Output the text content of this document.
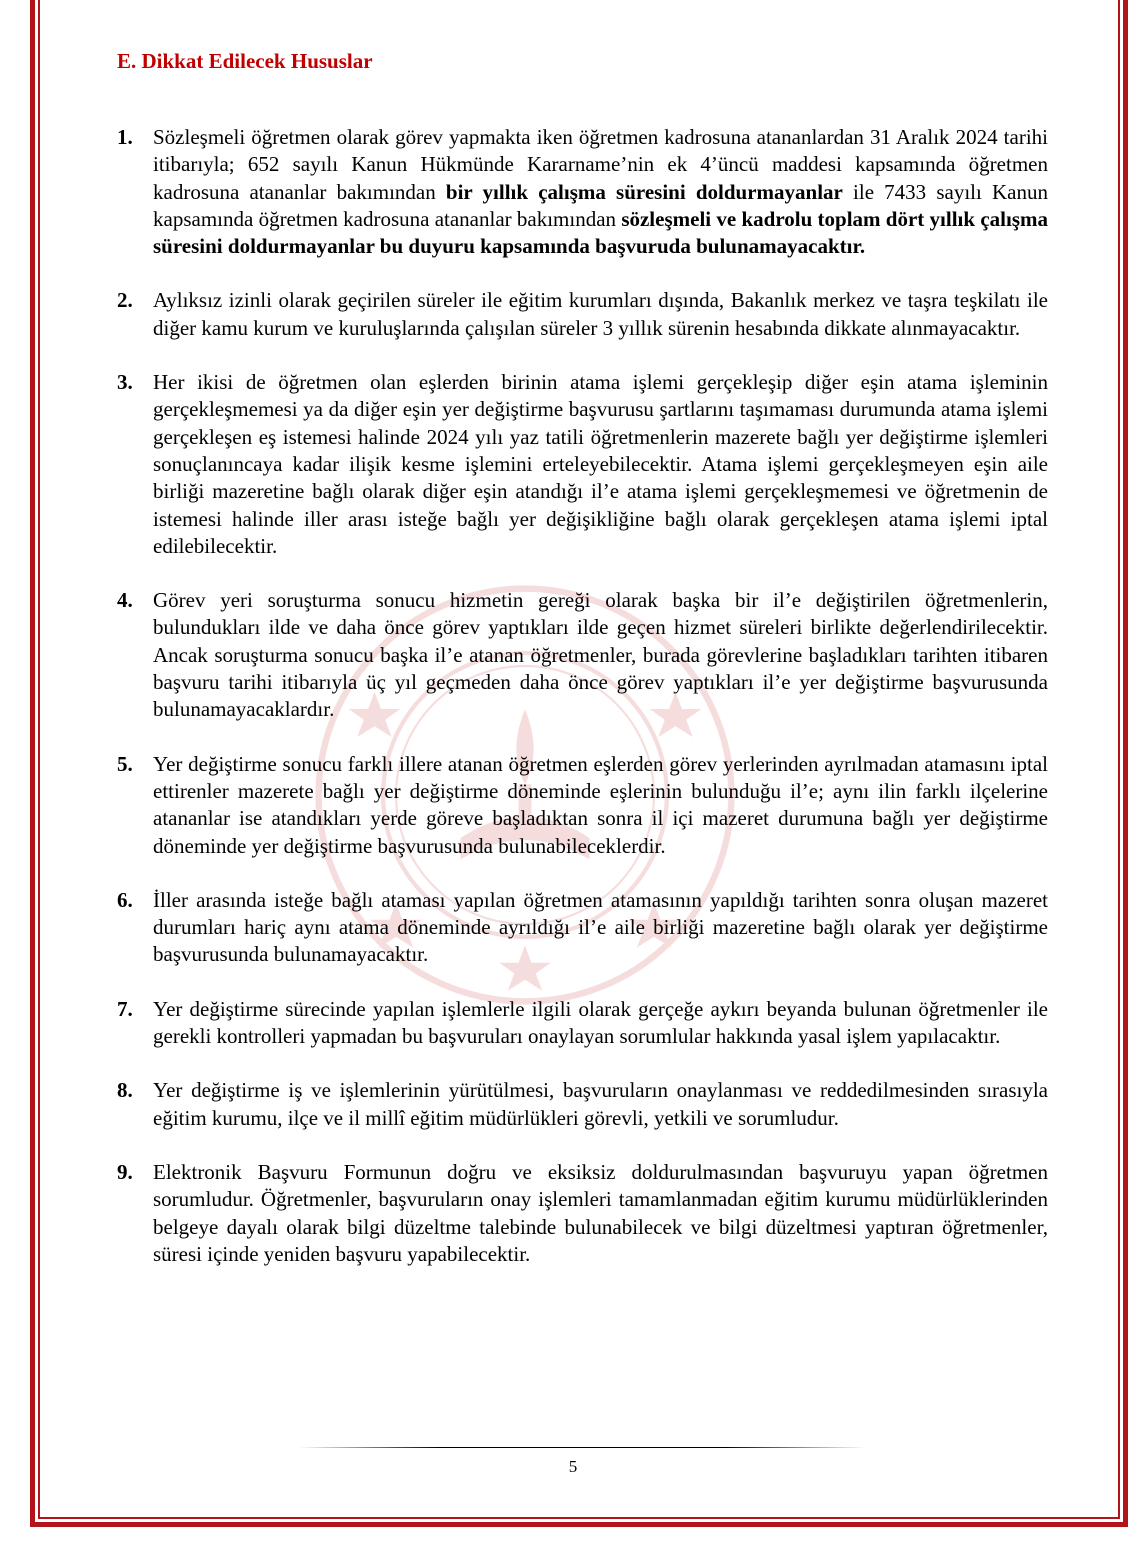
E. Dikkat Edilecek Hususlar
1. Sözleşmeli öğretmen olarak görev yapmakta iken öğretmen kadrosuna atananlardan 31 Aralık 2024 tarihi itibarıyla; 652 sayılı Kanun Hükmünde Kararname’nin ek 4’üncü maddesi kapsamında öğretmen kadrosuna atananlar bakımından bir yıllık çalışma süresini doldurmayanlar ile 7433 sayılı Kanun kapsamında öğretmen kadrosuna atananlar bakımından sözleşmeli ve kadrolu toplam dört yıllık çalışma süresini doldurmayanlar bu duyuru kapsamında başvuruda bulunamayacaktır.
2. Aylıksız izinli olarak geçirilen süreler ile eğitim kurumları dışında, Bakanlık merkez ve taşra teşkilatı ile diğer kamu kurum ve kuruluşlarında çalışılan süreler 3 yıllık sürenin hesabında dikkate alınmayacaktır.
3. Her ikisi de öğretmen olan eşlerden birinin atama işlemi gerçekleşip diğer eşin atama işleminin gerçekleşmemesi ya da diğer eşin yer değiştirme başvurusu şartlarını taşımaması durumunda atama işlemi gerçekleşen eş istemesi halinde 2024 yılı yaz tatili öğretmenlerin mazerete bağlı yer değiştirme işlemleri sonuçlanıncaya kadar ilişik kesme işlemini erteleyebilecektir. Atama işlemi gerçekleşmeyen eşin aile birliği mazeretine bağlı olarak diğer eşin atandığı il’e atama işlemi gerçekleşmemesi ve öğretmenin de istemesi halinde iller arası isteğe bağlı yer değişikliğine bağlı olarak gerçekleşen atama işlemi iptal edilebilecektir.
4. Görev yeri soruşturma sonucu hizmetin gereği olarak başka bir il’e değiştirilen öğretmenlerin, bulundukları ilde ve daha önce görev yaptıkları ilde geçen hizmet süreleri birlikte değerlendirilecektir. Ancak soruşturma sonucu başka il’e atanan öğretmenler, burada görevlerine başladıkları tarihten itibaren başvuru tarihi itibarıyla üç yıl geçmeden daha önce görev yaptıkları il’e yer değiştirme başvurusunda bulunamayacaklardır.
5. Yer değiştirme sonucu farklı illere atanan öğretmen eşlerden görev yerlerinden ayrılmadan atamasını iptal ettirenler mazerete bağlı yer değiştirme döneminde eşlerinin bulunduğu il’e; aynı ilin farklı ilçelerine atananlar ise atandıkları yerde göreve başladıktan sonra il içi mazeret durumuna bağlı yer değiştirme döneminde yer değiştirme başvurusunda bulunabileceklerdir.
6. İller arasında isteğe bağlı ataması yapılan öğretmen atamasının yapıldığı tarihten sonra oluşan mazeret durumları hariç aynı atama döneminde ayrıldığı il’e aile birliği mazeretine bağlı olarak yer değiştirme başvurusunda bulunamayacaktır.
7. Yer değiştirme sürecinde yapılan işlemlerle ilgili olarak gerçeğe aykırı beyanda bulunan öğretmenler ile gerekli kontrolleri yapmadan bu başvuruları onaylayan sorumlular hakkında yasal işlem yapılacaktır.
8. Yer değiştirme iş ve işlemlerinin yürütülmesi, başvuruların onaylanması ve reddedilmesinden sırasıyla eğitim kurumu, ilçe ve il millî eğitim müdürlükleri görevli, yetkili ve sorumludur.
9. Elektronik Başvuru Formunun doğru ve eksiksiz doldurulmasından başvuruyu yapan öğretmen sorumludur. Öğretmenler, başvuruların onay işlemleri tamamlanmadan eğitim kurumu müdürlüklerinden belgeye dayalı olarak bilgi düzeltme talebinde bulunabilecek ve bilgi düzeltmesi yaptıran öğretmenler, süresi içinde yeniden başvuru yapabilecektir.
5
